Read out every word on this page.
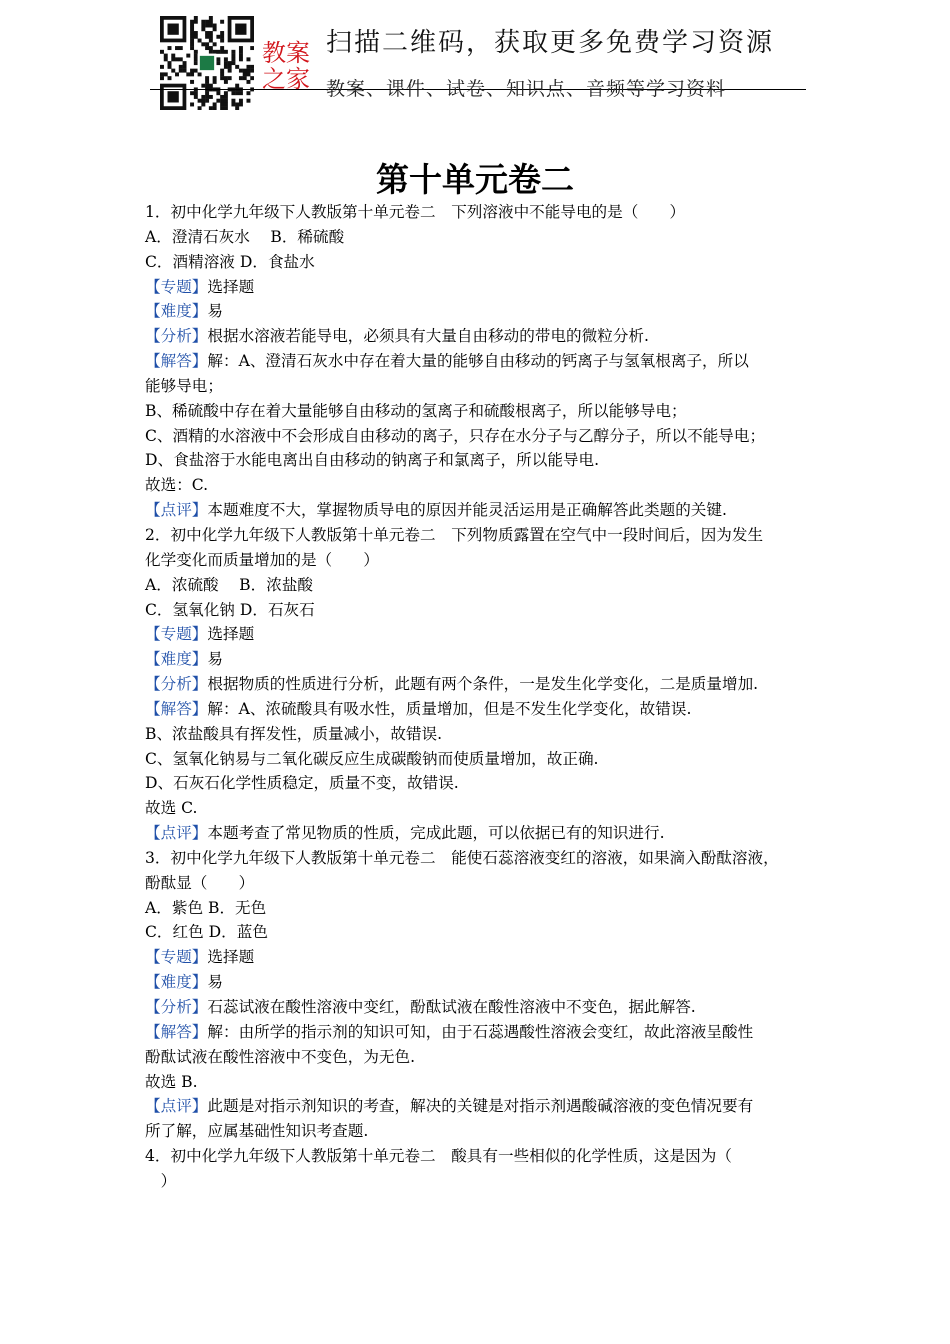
教案
之家
扫描二维码，获取更多免费学习资源
教案、课件、试卷、知识点、音频等学习资料
第十单元卷二
1．初中化学九年级下人教版第十单元卷二　下列溶液中不能导电的是（　　）
A．澄清石灰水　 B．稀硫酸
C．酒精溶液 D．食盐水
【专题】选择题
【难度】易
【分析】根据水溶液若能导电，必须具有大量自由移动的带电的微粒分析.
【解答】解：A、澄清石灰水中存在着大量的能够自由移动的钙离子与氢氧根离子，所以
能够导电；
B、稀硫酸中存在着大量能够自由移动的氢离子和硫酸根离子，所以能够导电；
C、酒精的水溶液中不会形成自由移动的离子，只存在水分子与乙醇分子，所以不能导电；
D、食盐溶于水能电离出自由移动的钠离子和氯离子，所以能导电.
故选：C.
【点评】本题难度不大，掌握物质导电的原因并能灵活运用是正确解答此类题的关键.
2．初中化学九年级下人教版第十单元卷二　下列物质露置在空气中一段时间后，因为发生
化学变化而质量增加的是（　　）
A．浓硫酸　 B．浓盐酸
C．氢氧化钠 D．石灰石
【专题】选择题
【难度】易
【分析】根据物质的性质进行分析，此题有两个条件，一是发生化学变化，二是质量增加.
【解答】解：A、浓硫酸具有吸水性，质量增加，但是不发生化学变化，故错误.
B、浓盐酸具有挥发性，质量减小，故错误.
C、氢氧化钠易与二氧化碳反应生成碳酸钠而使质量增加，故正确.
D、石灰石化学性质稳定，质量不变，故错误.
故选 C.
【点评】本题考查了常见物质的性质，完成此题，可以依据已有的知识进行.
3．初中化学九年级下人教版第十单元卷二　能使石蕊溶液变红的溶液，如果滴入酚酞溶液，
酚酞显（　　）
A．紫色 B．无色
C．红色 D．蓝色
【专题】选择题
【难度】易
【分析】石蕊试液在酸性溶液中变红，酚酞试液在酸性溶液中不变色，据此解答.
【解答】解：由所学的指示剂的知识可知，由于石蕊遇酸性溶液会变红，故此溶液呈酸性
酚酞试液在酸性溶液中不变色，为无色.
故选 B.
【点评】此题是对指示剂知识的考查，解决的关键是对指示剂遇酸碱溶液的变色情况要有
所了解，应属基础性知识考查题.
4．初中化学九年级下人教版第十单元卷二　酸具有一些相似的化学性质，这是因为（
　）
